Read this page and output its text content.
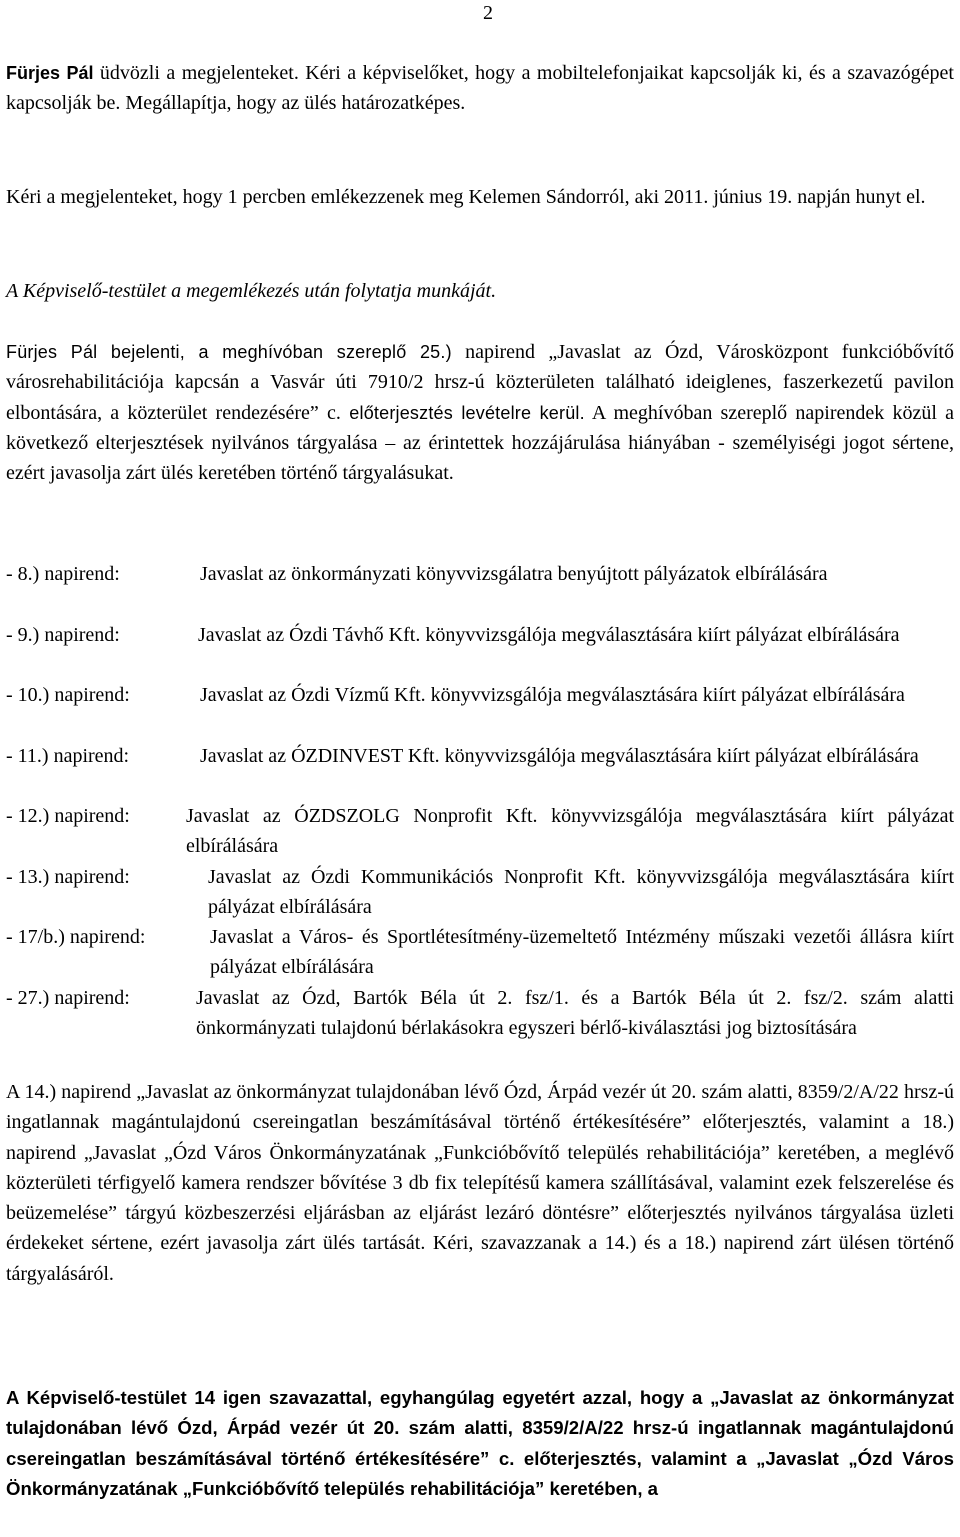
2
Fürjes Pál üdvözli a megjelenteket. Kéri a képviselőket, hogy a mobiltelefonjaikat kapcsolják ki, és a szavazógépet kapcsolják be. Megállapítja, hogy az ülés határozatképes.
Kéri a megjelenteket, hogy 1 percben emlékezzenek meg Kelemen Sándorról, aki 2011. június 19. napján hunyt el.
A Képviselő-testület a megemlékezés után folytatja munkáját.
Fürjes Pál bejelenti, a meghívóban szereplő 25.) napirend „Javaslat az Ózd, Városközpont funkcióbővítő városrehabilitációja kapcsán a Vasvár úti 7910/2 hrsz-ú közterületen található ideiglenes, faszerkezetű pavilon elbontására, a közterület rendezésére” c. előterjesztés levételre kerül. A meghívóban szereplő napirendek közül a következő elterjesztések nyilvános tárgyalása – az érintettek hozzájárulása hiányában - személyiségi jogot sértene, ezért javasolja zárt ülés keretében történő tárgyalásukat.
- 8.) napirend:	Javaslat az önkormányzati könyvvizsgálatra benyújtott pályázatok elbírálására
- 9.) napirend:	Javaslat az Ózdi Távhő Kft. könyvvizsgálója megválasztására kiírt pályázat elbírálására
- 10.) napirend:	Javaslat az Ózdi Vízmű Kft. könyvvizsgálója megválasztására kiírt pályázat elbírálására
- 11.) napirend:	Javaslat az ÓZDINVEST Kft. könyvvizsgálója megválasztására kiírt pályázat elbírálására
- 12.) napirend:	Javaslat az ÓZDSZOLG Nonprofit Kft. könyvvizsgálója megválasztására kiírt pályázat elbírálására
- 13.) napirend:	Javaslat az Ózdi Kommunikációs Nonprofit Kft. könyvvizsgálója megválasztására kiírt pályázat elbírálására
- 17/b.) napirend:	Javaslat a Város- és Sportlétesítmény-üzemeltető Intézmény műszaki vezetői állásra kiírt pályázat elbírálására
- 27.) napirend:	Javaslat az Ózd, Bartók Béla út 2. fsz/1. és a Bartók Béla út 2. fsz/2. szám alatti önkormányzati tulajdonú bérlakásokra egyszeri bérlő-kiválasztási jog biztosítására
A 14.) napirend „Javaslat az önkormányzat tulajdonában lévő Ózd, Árpád vezér út 20. szám alatti, 8359/2/A/22 hrsz-ú ingatlannak magántulajdonú csereingatlan beszámításával történő értékesítésére” előterjesztés, valamint a 18.) napirend „Javaslat „Ózd Város Önkormányzatának „Funkcióbővítő település rehabilitációja” keretében, a meglévő közterületi térfigyelő kamera rendszer bővítése 3 db fix telepítésű kamera szállításával, valamint ezek felszerelése és beüzemelése” tárgyú közbeszerzési eljárásban az eljárást lezáró döntésre” előterjesztés nyilvános tárgyalása üzleti érdekeket sértene, ezért javasolja zárt ülés tartását. Kéri, szavazzanak a 14.) és a 18.) napirend zárt ülésen történő tárgyalásáról.
A Képviselő-testület 14 igen szavazattal, egyhangúlag egyetért azzal, hogy a „Javaslat az önkormányzat tulajdonában lévő Ózd, Árpád vezér út 20. szám alatti, 8359/2/A/22 hrsz-ú ingatlannak magántulajdonú csereingatlan beszámításával történő értékesítésére” c. előterjesztés, valamint a „Javaslat „Ózd Város Önkormányzatának „Funkcióbővítő település rehabilitációja” keretében, a
